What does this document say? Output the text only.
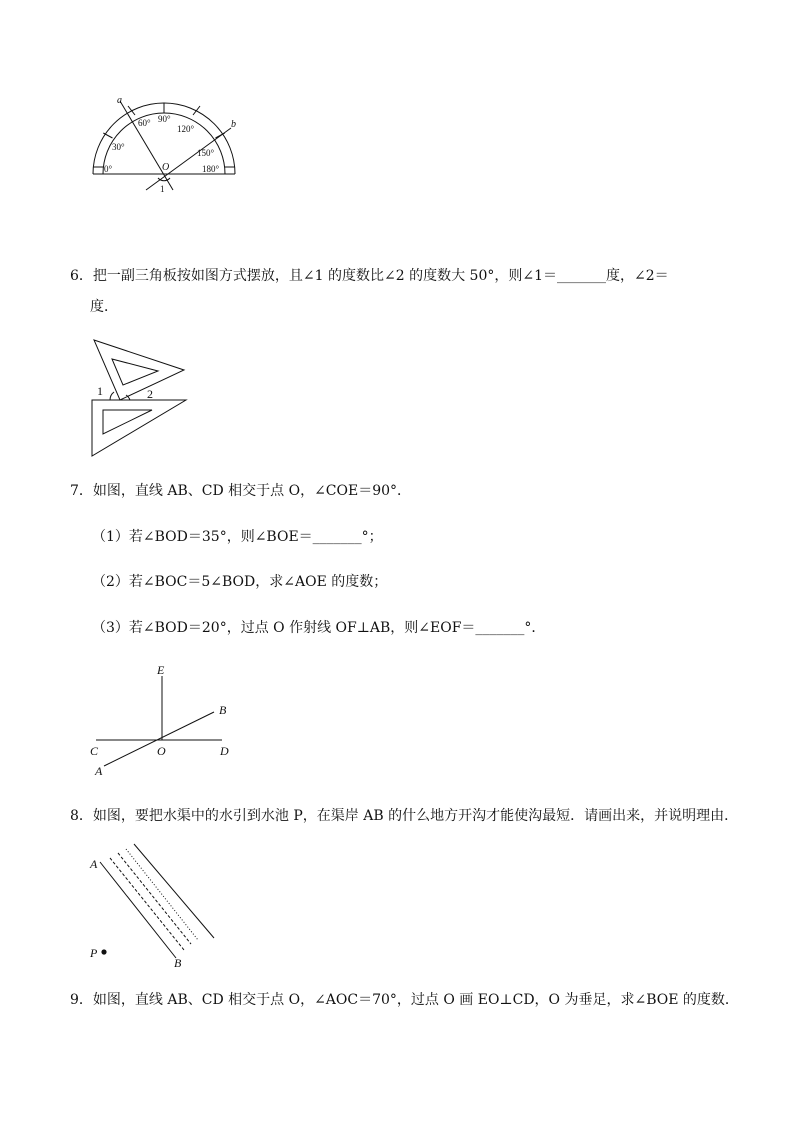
a
b
0°
30°
60° 90°
120°
150°
180°
O
1
6．把一副三角板按如图方式摆放，且∠1 的度数比∠2 的度数大 50°，则∠1＝_______度，∠2＝
度．
1	2
7．如图，直线 AB、CD 相交于点 O，∠COE＝90°．
（1）若∠BOD＝35°，则∠BOE＝_______°；
（2）若∠BOC＝5∠BOD，求∠AOE 的度数；
（3）若∠BOD＝20°，过点 O 作射线 OF⊥AB，则∠EOF＝_______°．
E
B
C	O	D
A
8．如图，要把水渠中的水引到水池 P，在渠岸 AB 的什么地方开沟才能使沟最短．请画出来，并说明理由．
A
B
P
9．如图，直线 AB、CD 相交于点 O，∠AOC＝70°，过点 O 画 EO⊥CD，O 为垂足，求∠BOE 的度数．
